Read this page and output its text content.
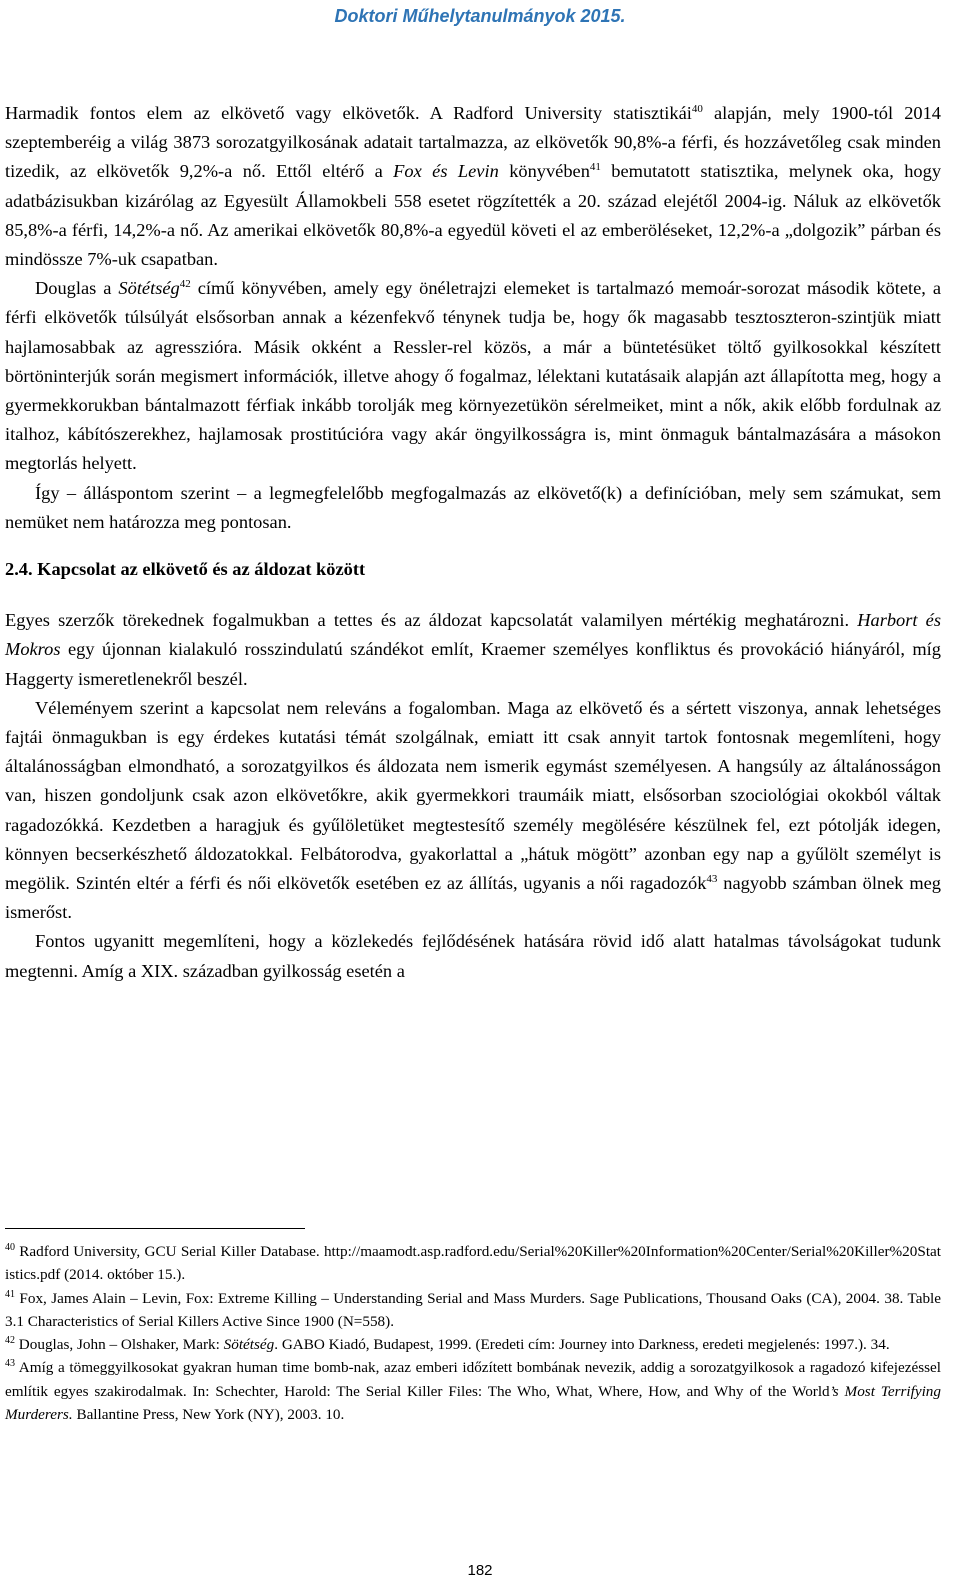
Doktori Műhelytanulmányok 2015.

Harmadik fontos elem az elkövető vagy elkövetők. A Radford University statisztikái$^{40}$ alapján, mely 1900-tól 2014 szeptemberéig a világ 3873 sorozatgyilkosának adatait tartalmazza, az elkövetők 90,8%-a férfi, és hozzávetőleg csak minden tizedik, az elkövetők 9,2%-a nő. Ettől eltérő a Fox és Levin könyvében$^{41}$ bemutatott statisztika, melynek oka, hogy adatbázisukban kizárólag az Egyesült Államokbeli 558 esetet rögzítették a 20. század elejétől 2004-ig. Náluk az elkövetők 85,8%-a férfi, 14,2%-a nő. Az amerikai elkövetők 80,8%-a egyedül követi el az emberöléseket, 12,2%-a „dolgozik” párban és mindössze 7%-uk csapatban.

Douglas a Sötétség$^{42}$ című könyvében, amely egy önéletrajzi elemeket is tartalmazó memoár-sorozat második kötete, a férfi elkövetők túlsúlyát elsősorban annak a kézenfekvő ténynek tudja be, hogy ők magasabb tesztoszteron-szintjük miatt hajlamosabbak az agresszióra. Másik okként a Ressler-rel közös, a már a büntetésüket töltő gyilkosokkal készített börtöninterjúk során megismert információk, illetve ahogy ő fogalmaz, lélektani kutatásaik alapján azt állapította meg, hogy a gyermekkorukban bántalmazott férfiak inkább torolják meg környezetükön sérelmeiket, mint a nők, akik előbb fordulnak az italhoz, kábítószerekhez, hajlamosak prostitúcióra vagy akár öngyilkosságra is, mint önmaguk bántalmazására a másokon megtorlás helyett.

Így – álláspontom szerint – a legmegfelelőbb megfogalmazás az elkövető(k) a definícióban, mely sem számukat, sem nemüket nem határozza meg pontosan.

2.4. Kapcsolat az elkövető és az áldozat között

Egyes szerzők törekednek fogalmukban a tettes és az áldozat kapcsolatát valamilyen mértékig meghatározni. Harbort és Mokros egy újonnan kialakuló rosszindulatú szándékot említ, Kraemer személyes konfliktus és provokáció hiányáról, míg Haggerty ismeretlenekről beszél.

Véleményem szerint a kapcsolat nem releváns a fogalomban. Maga az elkövető és a sértett viszonya, annak lehetséges fajtái önmagukban is egy érdekes kutatási témát szolgálnak, emiatt itt csak annyit tartok fontosnak megemlíteni, hogy általánosságban elmondható, a sorozatgyilkos és áldozata nem ismerik egymást személyesen. A hangsúly az általánosságon van, hiszen gondoljunk csak azon elkövetőkre, akik gyermekkori traumáik miatt, elsősorban szociológiai okokból váltak ragadozókká. Kezdetben a haragjuk és gyűlöletüket megtestesítő személy megölésére készülnek fel, ezt pótolják idegen, könnyen becserkészhető áldozatokkal. Felbátorodva, gyakorlattal a „hátuk mögött” azonban egy nap a gyűlölt személyt is megölik. Szintén eltér a férfi és női elkövetők esetében ez az állítás, ugyanis a női ragadozók$^{43}$ nagyobb számban ölnek meg ismerőst.

Fontos ugyanitt megemlíteni, hogy a közlekedés fejlődésének hatására rövid idő alatt hatalmas távolságokat tudunk megtenni. Amíg a XIX. században gyilkosság esetén a

$^{40}$ Radford University, GCU Serial Killer Database. http://maamodt.asp.radford.edu/Serial%20Killer%20Information%20Center/Serial%20Killer%20Statistics.pdf (2014. október 15.).

$^{41}$ Fox, James Alain – Levin, Fox: Extreme Killing – Understanding Serial and Mass Murders. Sage Publications, Thousand Oaks (CA), 2004. 38. Table 3.1 Characteristics of Serial Killers Active Since 1900 (N=558).

$^{42}$ Douglas, John – Olshaker, Mark: Sötétség. GABO Kiadó, Budapest, 1999. (Eredeti cím: Journey into Darkness, eredeti megjelenés: 1997.). 34.

$^{43}$ Amíg a tömeggyilkosokat gyakran human time bomb-nak, azaz emberi időzített bombának nevezik, addig a sorozatgyilkosok a ragadozó kifejezéssel említik egyes szakirodalmak. In: Schechter, Harold: The Serial Killer Files: The Who, What, Where, How, and Why of the World’s Most Terrifying Murderers. Ballantine Press, New York (NY), 2003. 10.

182
